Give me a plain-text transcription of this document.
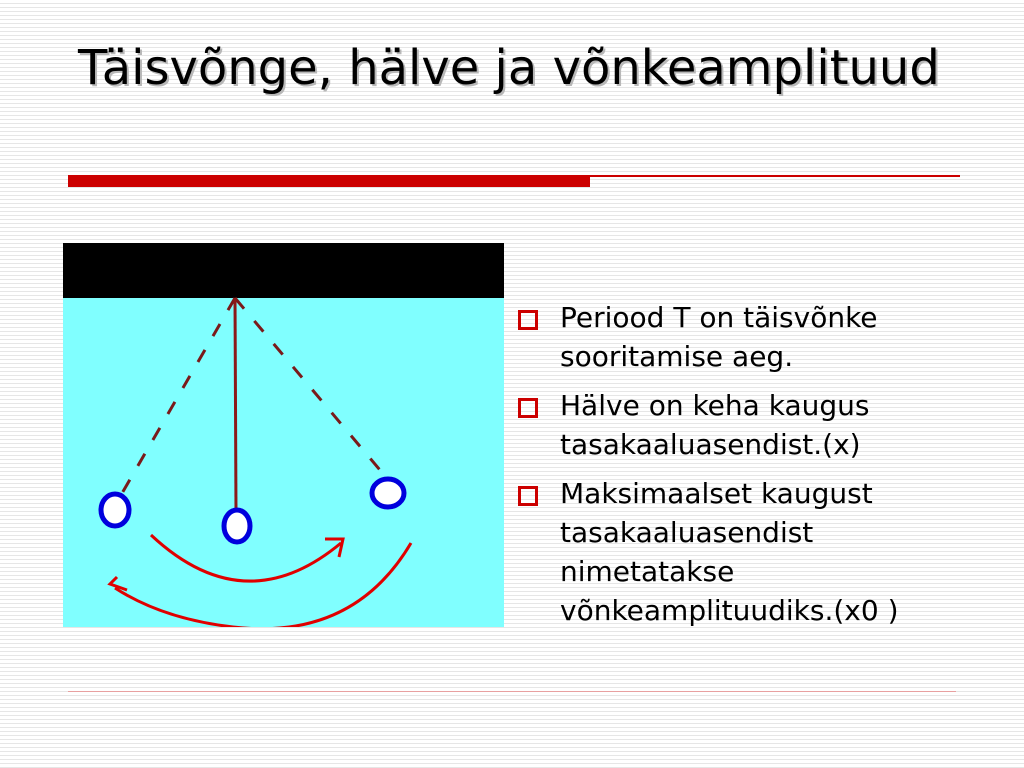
Täisvõnge, hälve ja võnkeamplituud
Periood T on täisvõnke sooritamise aeg.
Hälve on keha kaugus tasakaaluasendist.(x)
Maksimaalset kaugust tasakaaluasendist nimetatakse võnkeamplituudiks.(x0 )
